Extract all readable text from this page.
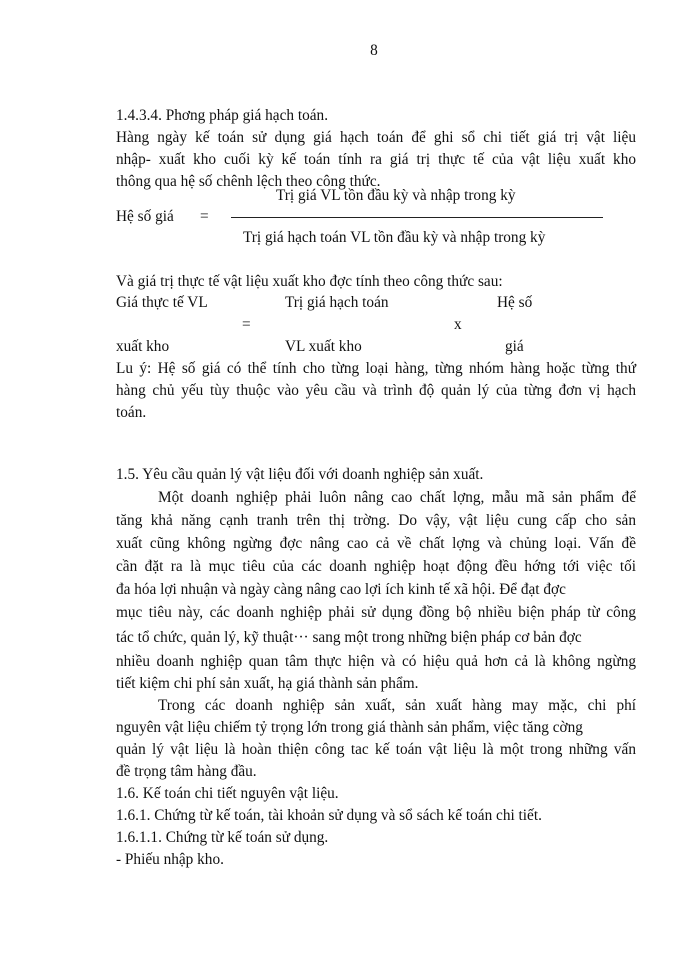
8
1.4.3.4. Phơng pháp giá hạch toán.
Hàng ngày kế toán sử dụng giá hạch toán để ghi sổ chi tiết giá trị vật liệu
nhập- xuất kho cuối kỳ kế toán tính ra giá trị thực tế của vật liệu xuất kho
thông qua hệ số chênh lệch theo công thức.
Trị giá VL tồn đầu kỳ và nhập trong kỳ
Hệ số giá =
Trị giá hạch toán VL tồn đầu kỳ và nhập trong kỳ
Và giá trị thực tế vật liệu xuất kho đợc tính theo công thức sau:
Giá thực tế VL	Trị giá hạch toán	Hệ số
=	x
xuất kho	VL xuất kho	giá
Lu ý: Hệ số giá có thể tính cho từng loại hàng, từng nhóm hàng hoặc từng thứ
hàng chủ yếu tùy thuộc vào yêu cầu và trình độ quản lý của từng đơn vị hạch
toán.
1.5. Yêu cầu quản lý vật liệu đối với doanh nghiệp sản xuất.
Một doanh nghiệp phải luôn nâng cao chất lợng, mẫu mã sản phẩm để
tăng khả năng cạnh tranh trên thị trờng. Do vậy, vật liệu cung cấp cho sản
xuất cũng không ngừng đợc nâng cao cả về chất lợng và chủng loại. Vấn đề
cần đặt ra là mục tiêu của các doanh nghiệp hoạt động đều hớng tới việc tối
đa hóa lợi nhuận và ngày càng nâng cao lợi ích kinh tế xã hội. Để đạt đợc
mục tiêu này, các doanh nghiệp phải sử dụng đồng bộ nhiều biện pháp từ công
tác tổ chức, quản lý, kỹ thuật··· sang một trong những biện pháp cơ bản đợc
nhiều doanh nghiệp quan tâm thực hiện và có hiệu quả hơn cả là không ngừng
tiết kiệm chi phí sản xuất, hạ giá thành sản phẩm.
Trong các doanh nghiệp sản xuất, sản xuất hàng may mặc, chi phí
nguyên vật liệu chiếm tỷ trọng lớn trong giá thành sản phẩm, việc tăng cờng
quản lý vật liệu là hoàn thiện công tac kế toán vật liệu là một trong những vấn
đề trọng tâm hàng đầu.
1.6. Kế toán chi tiết nguyên vật liệu.
1.6.1. Chứng từ kế toán, tài khoản sử dụng và sổ sách kế toán chi tiết.
1.6.1.1. Chứng từ kế toán sử dụng.
- Phiếu nhập kho.
